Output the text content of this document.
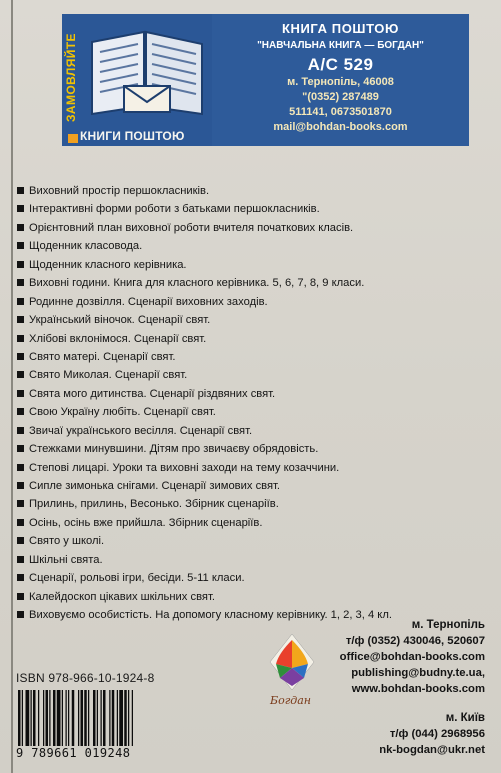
ЗАМОВЛЯЙТЕ
КНИГИ ПОШТОЮ
КНИГА ПОШТОЮ
"НАВЧАЛЬНА КНИГА — БОГДАН"
А/С 529
м. Тернопіль, 46008
"(0352) 287489
511141, 0673501870
mail@bohdan-books.com
Виховний простір першокласників.
Інтерактивні форми роботи з батьками першокласників.
Орієнтовний план виховної роботи вчителя початкових класів.
Щоденник класовода.
Щоденник класного керівника.
Виховні години. Книга для класного керівника. 5, 6, 7, 8, 9 класи.
Родинне дозвілля. Сценарії виховних заходів.
Український віночок. Сценарії свят.
Хлібові вклонімося. Сценарії свят.
Свято матері. Сценарії свят.
Свято Миколая. Сценарії свят.
Свята мого дитинства. Сценарії різдвяних свят.
Свою Україну любіть. Сценарії свят.
Звичаї українського весілля. Сценарії свят.
Стежками минувшини. Дітям про звичаєву обрядовість.
Степові лицарі. Уроки та виховні заходи на тему козаччини.
Сипле зимонька снігами. Сценарії зимових свят.
Прилинь, прилинь, Весонько. Збірник сценаріїв.
Осінь, осінь вже прийшла. Збірник сценаріїв.
Свято у школі.
Шкільні свята.
Сценарії, рольові ігри, бесіди. 5-11 класи.
Калейдоскоп цікавих шкільних свят.
Виховуємо особистість. На допомогу класному керівнику. 1, 2, 3, 4 кл.
ISBN 978-966-10-1924-8
9 789661 019248
Богдан
м. Тернопіль
т/ф (0352) 430046, 520607
office@bohdan-books.com
publishing@budny.te.ua,
www.bohdan-books.com
м. Київ
т/ф (044) 2968956
nk-bogdan@ukr.net
